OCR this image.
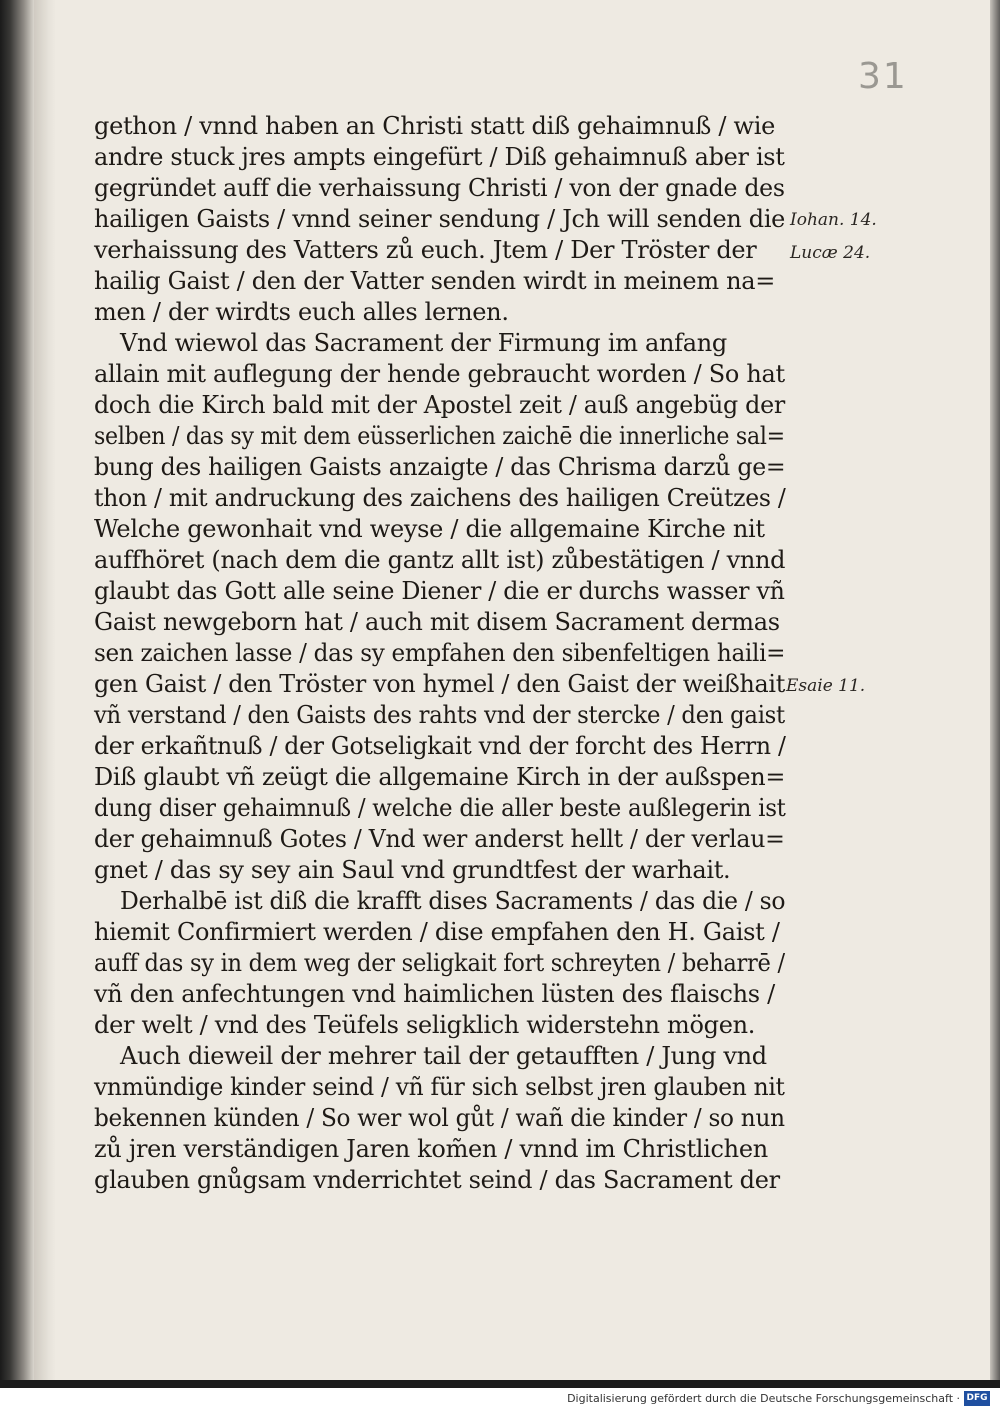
31
gethon / vnnd haben an Christi statt diß gehaimnuß / wie
andre stuck jres ampts eingefürt / Diß gehaimnuß aber ist
gegründet auff die verhaissung Christi / von der gnade des
hailigen Gaists / vnnd seiner sendung / Jch will senden die
verhaissung des Vatters zů euch. Jtem / Der Tröster der
hailig Gaist / den der Vatter senden wirdt in meinem na=
men / der wirdts euch alles lernen.
Vnd wiewol das Sacrament der Firmung im anfang
allain mit auflegung der hende gebraucht worden / So hat
doch die Kirch bald mit der Apostel zeit / auß angebüg der
selben / das sy mit dem eüsserlichen zaichē die innerliche sal=
bung des hailigen Gaists anzaigte / das Chrisma darzů ge=
thon / mit andruckung des zaichens des hailigen Creützes /
Welche gewonhait vnd weyse / die allgemaine Kirche nit
auffhöret (nach dem die gantz allt ist) zůbestätigen / vnnd
glaubt das Gott alle seine Diener / die er durchs wasser vñ
Gaist newgeborn hat / auch mit disem Sacrament dermas
sen zaichen lasse / das sy empfahen den sibenfeltigen haili=
gen Gaist / den Tröster von hymel / den Gaist der weißhait
vñ verstand / den Gaists des rahts vnd der stercke / den gaist
der erkañtnuß / der Gotseligkait vnd der forcht des Herrn /
Diß glaubt vñ zeügt die allgemaine Kirch in der außspen=
dung diser gehaimnuß / welche die aller beste außlegerin ist
der gehaimnuß Gotes / Vnd wer anderst hellt / der verlau=
gnet / das sy sey ain Saul vnd grundtfest der warhait.
Derhalbē ist diß die krafft dises Sacraments / das die / so
hiemit Confirmiert werden / dise empfahen den H. Gaist /
auff das sy in dem weg der seligkait fort schreyten / beharrē /
vñ den anfechtungen vnd haimlichen lüsten des flaischs /
der welt / vnd des Teüfels seligklich widerstehn mögen.
Auch dieweil der mehrer tail der getaufften / Jung vnd
vnmündige kinder seind / vñ für sich selbst jren glauben nit
bekennen künden / So wer wol gůt / wañ die kinder / so nun
zů jren verständigen Jaren kom̃en / vnnd im Christlichen
glauben gnůgsam vnderrichtet seind / das Sacrament der
Iohan. 14.
Lucæ 24.
Esaie 11.
Digitalisierung gefördert durch die Deutsche Forschungsgemeinschaft · DFG
